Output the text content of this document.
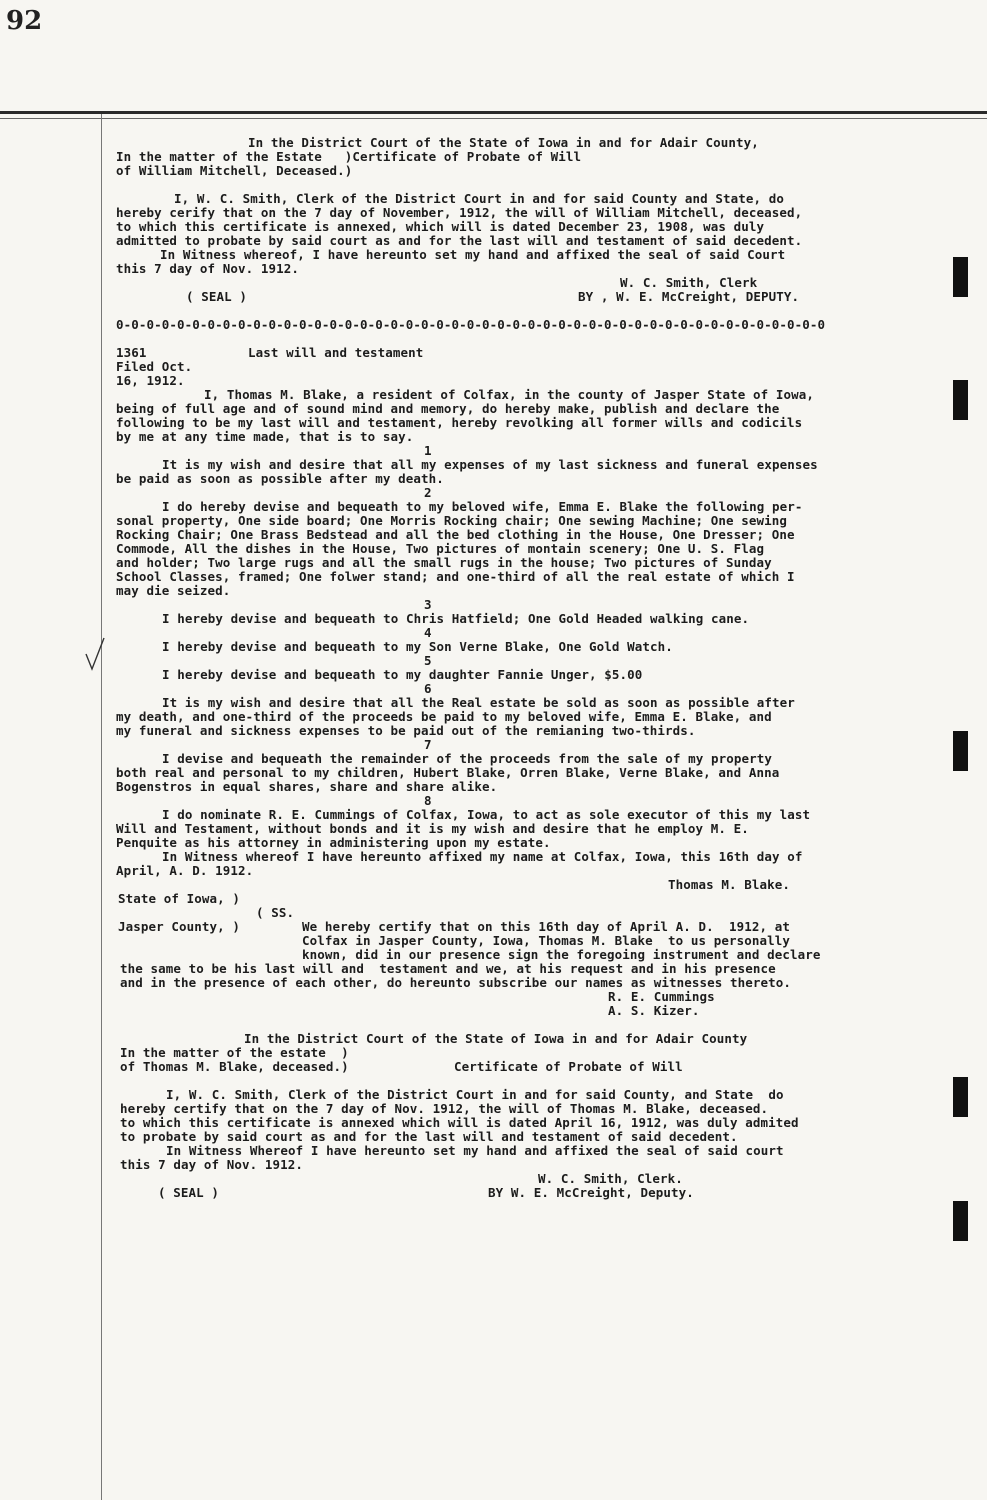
92
In the District Court of the State of Iowa in and for Adair County,
In the matter of the Estate   )Certificate of Probate of Will
of William Mitchell, Deceased.)
I, W. C. Smith, Clerk of the District Court in and for said County and State, do
hereby cerify that on the 7 day of November, 1912, the will of William Mitchell, deceased,
to which this certificate is annexed, which will is dated December 23, 1908, was duly
admitted to probate by said court as and for the last will and testament of said decedent.
In Witness whereof, I have hereunto set my hand and affixed the seal of said Court
this 7 day of Nov. 1912.
W. C. Smith, Clerk
( SEAL )	BY , W. E. McCreight, DEPUTY.
0-0-0-0-0-0-0-0-0-0-0-0-0-0-0-0-0-0-0-0-0-0-0-0-0-0-0-0-0-0-0-0-0-0-0-0-0-0-0-0-0-0-0-0-0-0-0
1361	Last will and testament
Filed Oct.
16, 1912.
I, Thomas M. Blake, a resident of Colfax, in the county of Jasper State of Iowa,
being of full age and of sound mind and memory, do hereby make, publish and declare the
following to be my last will and testament, hereby revolking all former wills and codicils
by me at any time made, that is to say.
1
It is my wish and desire that all my expenses of my last sickness and funeral expenses
be paid as soon as possible after my death.
2
I do hereby devise and bequeath to my beloved wife, Emma E. Blake the following per-
sonal property, One side board; One Morris Rocking chair; One sewing Machine; One sewing
Rocking Chair; One Brass Bedstead and all the bed clothing in the House, One Dresser; One
Commode, All the dishes in the House, Two pictures of montain scenery; One U. S. Flag
and holder; Two large rugs and all the small rugs in the house; Two pictures of Sunday
School Classes, framed; One folwer stand; and one-third of all the real estate of which I
may die seized.
3
I hereby devise and bequeath to Chris Hatfield; One Gold Headed walking cane.
4
I hereby devise and bequeath to my Son Verne Blake, One Gold Watch.
5
I hereby devise and bequeath to my daughter Fannie Unger, $5.00
6
It is my wish and desire that all the Real estate be sold as soon as possible after
my death, and one-third of the proceeds be paid to my beloved wife, Emma E. Blake, and
my funeral and sickness expenses to be paid out of the remianing two-thirds.
7
I devise and bequeath the remainder of the proceeds from the sale of my property
both real and personal to my children, Hubert Blake, Orren Blake, Verne Blake, and Anna
Bogenstros in equal shares, share and share alike.
8
I do nominate R. E. Cummings of Colfax, Iowa, to act as sole executor of this my last
Will and Testament, without bonds and it is my wish and desire that he employ M. E.
Penquite as his attorney in administering upon my estate.
In Witness whereof I have hereunto affixed my name at Colfax, Iowa, this 16th day of
April, A. D. 1912.
Thomas M. Blake.
State of Iowa, )
( SS.
Jasper County, )	We hereby certify that on this 16th day of April A. D.  1912, at
Colfax in Jasper County, Iowa, Thomas M. Blake  to us personally
known, did in our presence sign the foregoing instrument and declare
the same to be his last will and  testament and we, at his request and in his presence
and in the presence of each other, do hereunto subscribe our names as witnesses thereto.
R. E. Cummings
A. S. Kizer.
In the District Court of the State of Iowa in and for Adair County
In the matter of the estate  )
of Thomas M. Blake, deceased.)	Certificate of Probate of Will
I, W. C. Smith, Clerk of the District Court in and for said County, and State  do
hereby certify that on the 7 day of Nov. 1912, the will of Thomas M. Blake, deceased.
to which this certificate is annexed which will is dated April 16, 1912, was duly admited
to probate by said court as and for the last will and testament of said decedent.
In Witness Whereof I have hereunto set my hand and affixed the seal of said court
this 7 day of Nov. 1912.
W. C. Smith, Clerk.
( SEAL )	BY W. E. McCreight, Deputy.
